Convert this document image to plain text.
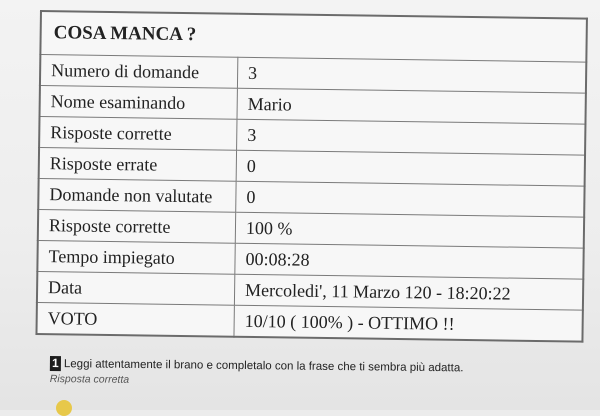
COSA MANCA ?	
Numero di domande	3
Nome esaminando	Mario
Risposte corrette	3
Risposte errate	0
Domande non valutate	0
Risposte corrette	100 %
Tempo impiegato	00:08:28
Data	Mercoledi', 11 Marzo 120 - 18:20:22
VOTO	10/10 ( 100% ) - OTTIMO !!
1 Leggi attentamente il brano e completalo con la frase che ti sembra più adatta.
Risposta corretta
